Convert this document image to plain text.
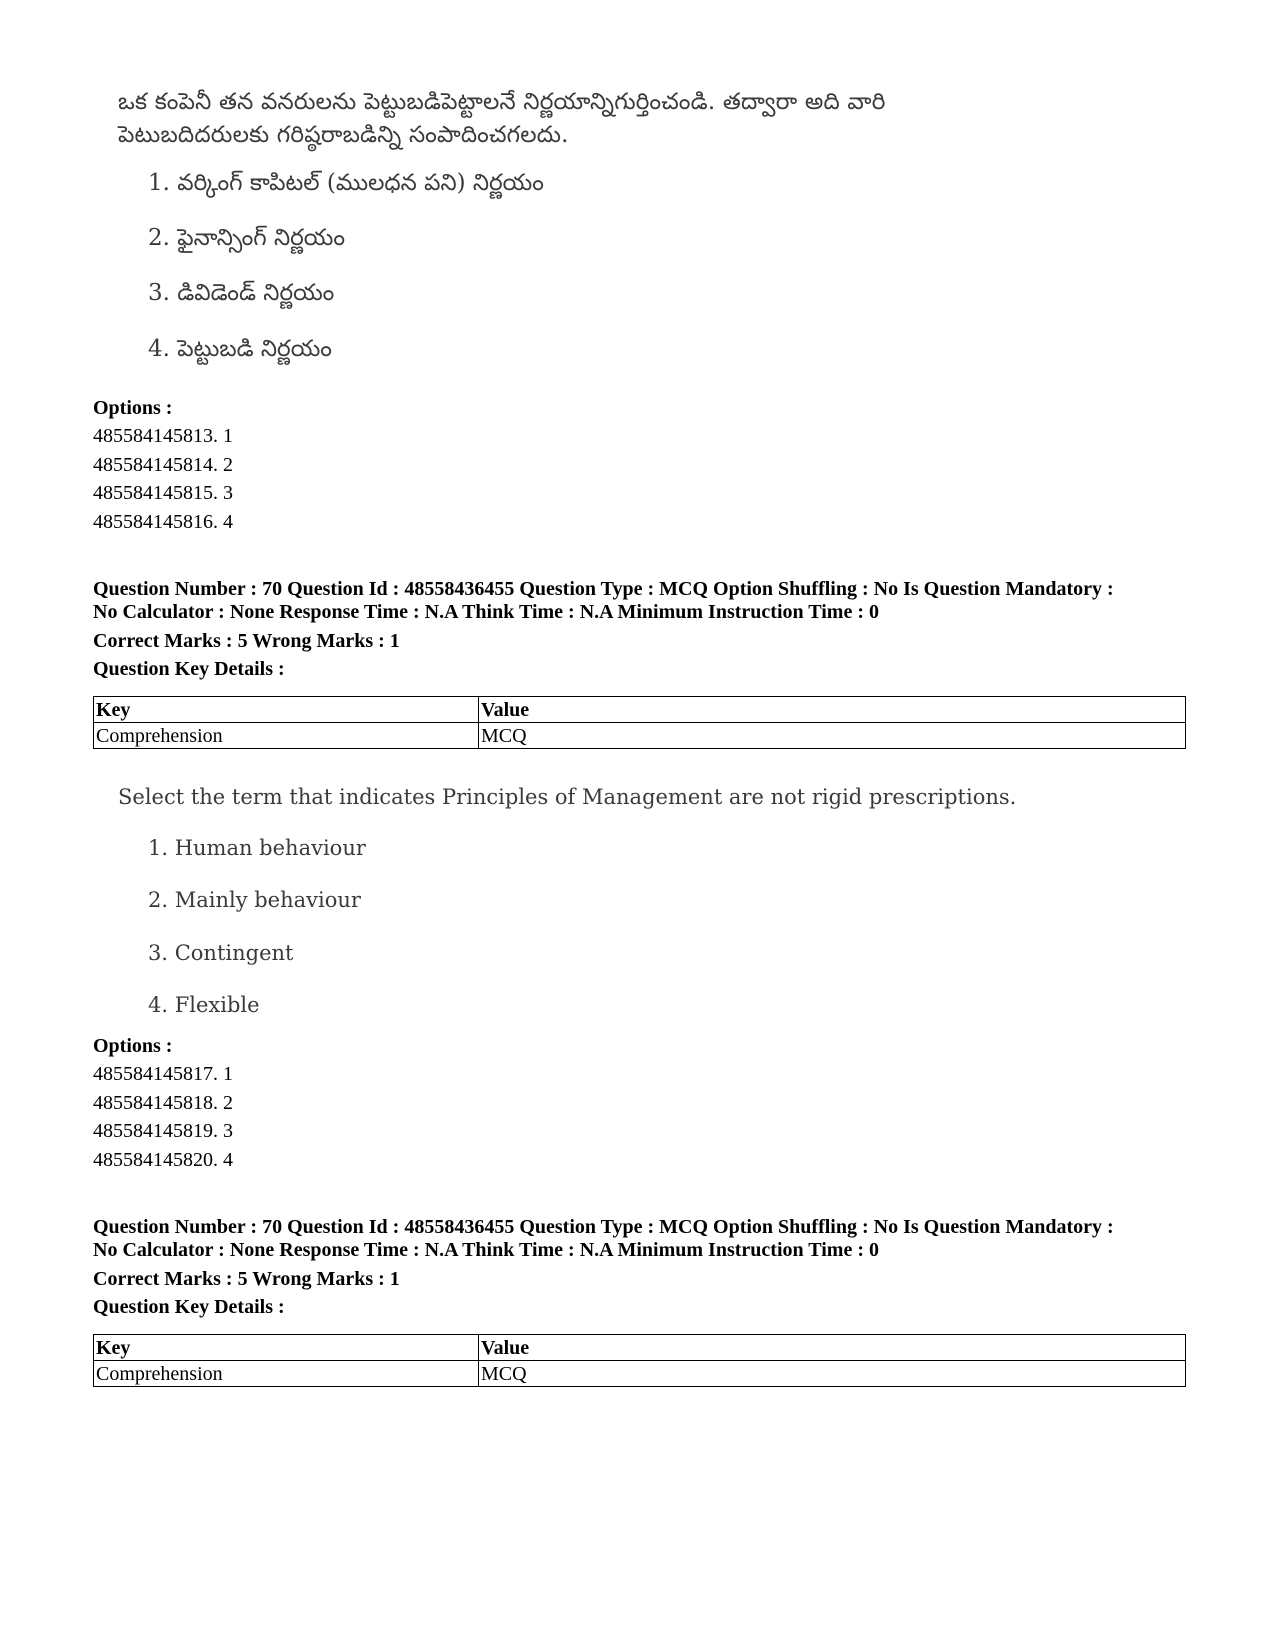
ఒక కంపెనీ తన వనరులను పెట్టుబడిపెట్టాలనే నిర్ణయాన్నిగుర్తించండి. తద్వారా అది వారి పెటుబదిదరులకు గరిష్ఠరాబడిన్ని సంపాదించగలదు.

1. వర్కింగ్ కాపిటల్ (ములధన పని) నిర్ణయం
2. ఫైనాన్సింగ్ నిర్ణయం
3. డివిడెండ్ నిర్ణయం
4. పెట్టుబడి నిర్ణయం
Options :
485584145813. 1
485584145814. 2
485584145815. 3
485584145816. 4

Question Number : 70 Question Id : 48558436455 Question Type : MCQ Option Shuffling : No Is Question Mandatory :

No Calculator : None Response Time : N.A Think Time : N.A Minimum Instruction Time : 0

Correct Marks : 5 Wrong Marks : 1
Question Key Details :
Key	Value
Comprehension	MCQ

Select the term that indicates Principles of Management are not rigid prescriptions.

1. Human behaviour
2. Mainly behaviour
3. Contingent
4. Flexible
Options :
485584145817. 1
485584145818. 2
485584145819. 3
485584145820. 4

Question Number : 70 Question Id : 48558436455 Question Type : MCQ Option Shuffling : No Is Question Mandatory :

No Calculator : None Response Time : N.A Think Time : N.A Minimum Instruction Time : 0

Correct Marks : 5 Wrong Marks : 1
Question Key Details :
Key	Value
Comprehension	MCQ
